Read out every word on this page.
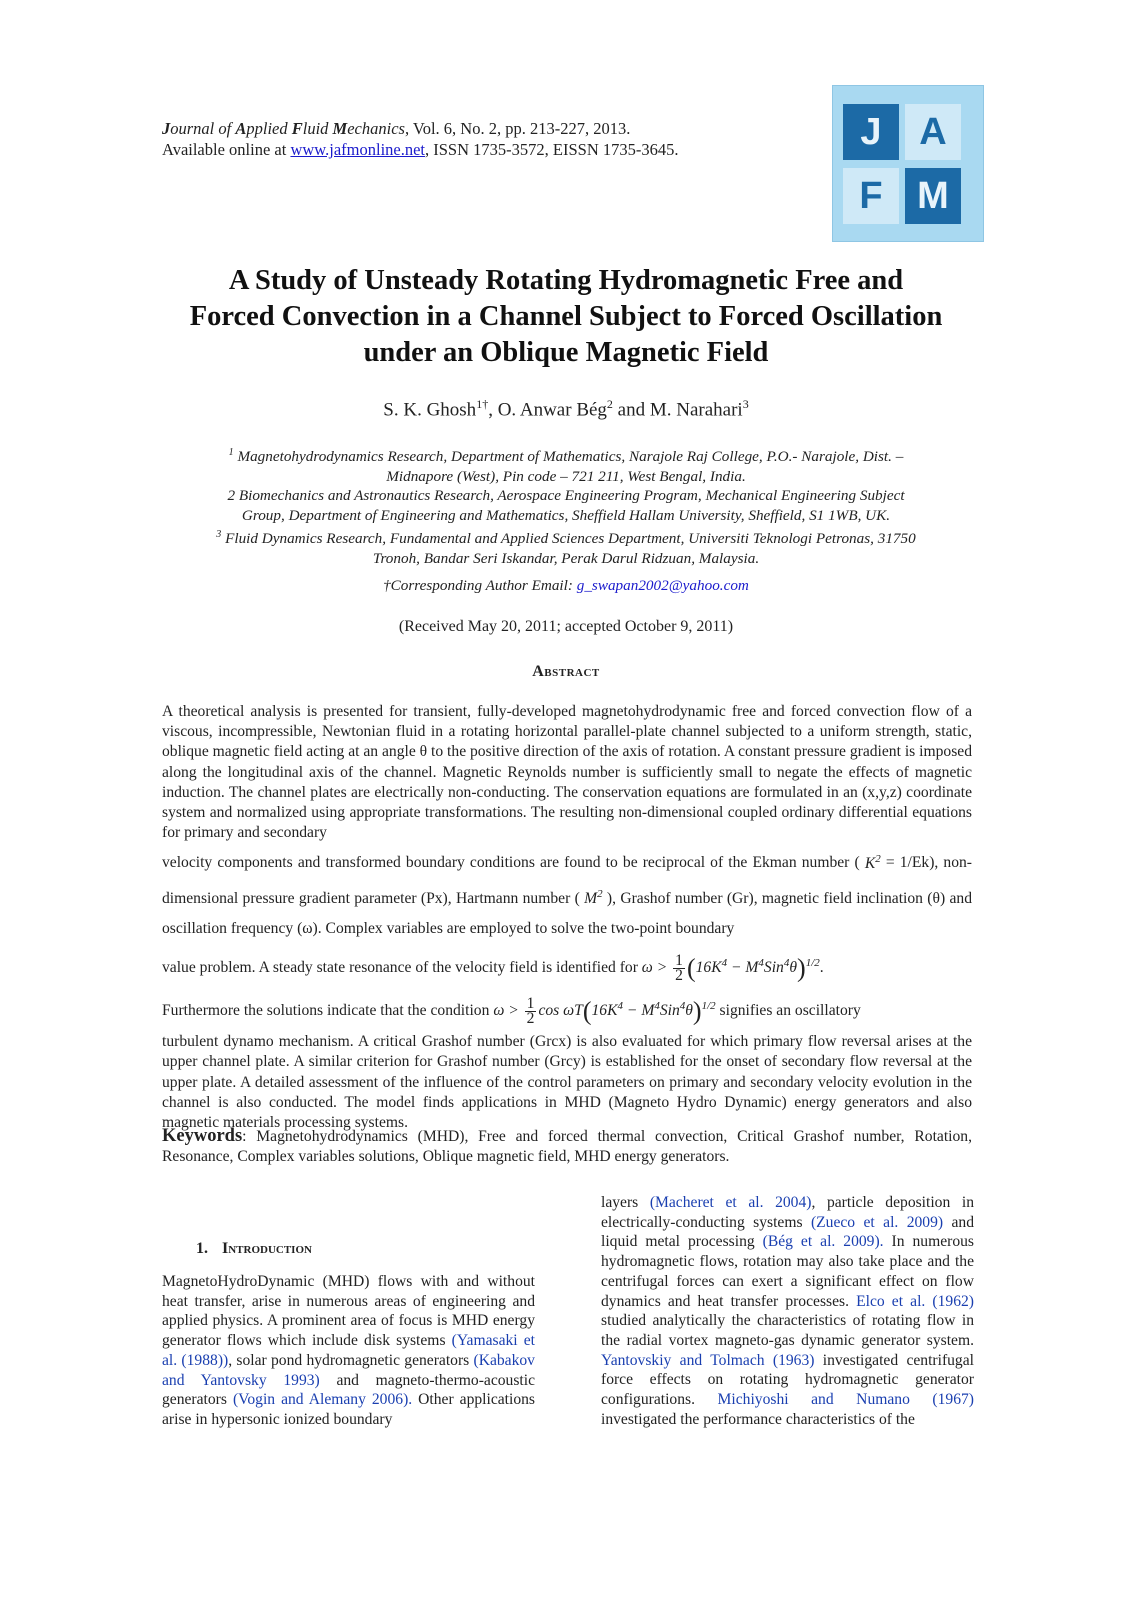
Journal of Applied Fluid Mechanics, Vol. 6, No. 2, pp. 213-227, 2013.
Available online at www.jafmonline.net, ISSN 1735-3572, EISSN 1735-3645.	J A
F M
A Study of Unsteady Rotating Hydromagnetic Free and
Forced Convection in a Channel Subject to Forced Oscillation
under an Oblique Magnetic Field
S. K. Ghosh$^{1\dagger}$, O. Anwar Bég$^2$ and M. Narahari$^3$
$^1$ Magnetohydrodynamics Research, Department of Mathematics, Narajole Raj College, P.O.- Narajole, Dist. –
Midnapore (West), Pin code – 721 211, West Bengal, India.
2 Biomechanics and Astronautics Research, Aerospace Engineering Program, Mechanical Engineering Subject
Group, Department of Engineering and Mathematics, Sheffield Hallam University, Sheffield, S1 1WB, UK.
$^3$ Fluid Dynamics Research, Fundamental and Applied Sciences Department, Universiti Teknologi Petronas, 31750
Tronoh, Bandar Seri Iskandar, Perak Darul Ridzuan, Malaysia.
†Corresponding Author Email: g_swapan2002@yahoo.com
(Received May 20, 2011; accepted October 9, 2011)
Abstract

A theoretical analysis is presented for transient, fully-developed magnetohydrodynamic free and forced convection flow of a viscous, incompressible, Newtonian fluid in a rotating horizontal parallel-plate channel subjected to a uniform strength, static, oblique magnetic field acting at an angle θ to the positive direction of the axis of rotation. A constant pressure gradient is imposed along the longitudinal axis of the channel. Magnetic Reynolds number is sufficiently small to negate the effects of magnetic induction. The channel plates are electrically non-conducting. The conservation equations are formulated in an (x,y,z) coordinate system and normalized using appropriate transformations. The resulting non-dimensional coupled ordinary differential equations for primary and secondary

velocity components and transformed boundary conditions are found to be reciprocal of the Ekman number ( $K^2 = 1/Ek$), non-dimensional pressure gradient parameter (Px), Hartmann number ( $M^2$ ), Grashof number (Gr), magnetic field inclination (θ) and oscillation frequency (ω). Complex variables are employed to solve the two-point boundary

value problem. A steady state resonance of the velocity field is identified for $\omega > \frac{1}{2} (16K^4 - M^4Sin^4\theta)^{1/2}$.

Furthermore the solutions indicate that the condition $\omega > \frac{1}{2}$ $\cos \omega T(16K^4 - M^4Sin^4\theta)^{1/2}$ signifies an oscillatory

turbulent dynamo mechanism. A critical Grashof number (Grcx) is also evaluated for which primary flow reversal arises at the upper channel plate. A similar criterion for Grashof number (Grcy) is established for the onset of secondary flow reversal at the upper plate. A detailed assessment of the influence of the control parameters on primary and secondary velocity evolution in the channel is also conducted. The model finds applications in MHD (Magneto Hydro Dynamic) energy generators and also magnetic materials processing systems.

Keywords: Magnetohydrodynamics (MHD), Free and forced thermal convection, Critical Grashof number, Rotation, Resonance, Complex variables solutions, Oblique magnetic field, MHD energy generators.
1. Introduction
MagnetoHydroDynamic (MHD) flows with and without heat transfer, arise in numerous areas of engineering and applied physics. A prominent area of focus is MHD energy generator flows which include disk systems (Yamasaki et al. (1988)), solar pond hydromagnetic generators (Kabakov and Yantovsky 1993) and magneto-thermo-acoustic generators (Vogin and Alemany 2006). Other applications arise in hypersonic ionized boundary
layers (Macheret et al. 2004), particle deposition in electrically-conducting systems (Zueco et al. 2009) and liquid metal processing (Bég et al. 2009). In numerous hydromagnetic flows, rotation may also take place and the centrifugal forces can exert a significant effect on flow dynamics and heat transfer processes. Elco et al. (1962) studied analytically the characteristics of rotating flow in the radial vortex magneto-gas dynamic generator system. Yantovskiy and Tolmach (1963) investigated centrifugal force effects on rotating hydromagnetic generator configurations. Michiyoshi and Numano (1967) investigated the performance characteristics of the
